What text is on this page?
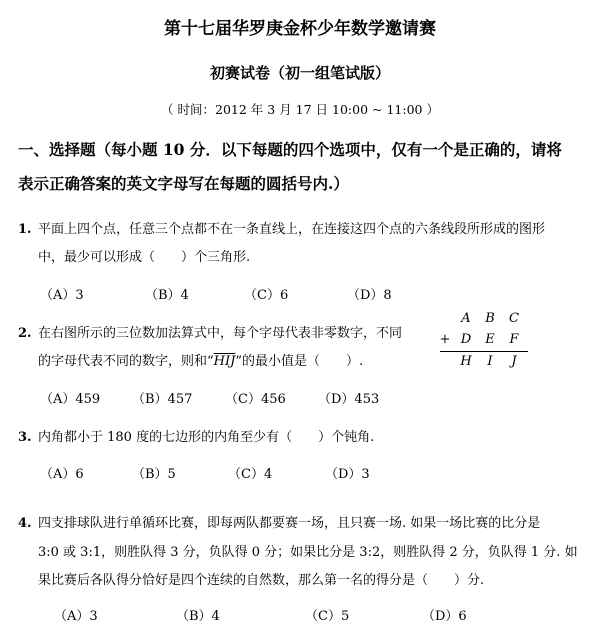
第十七届华罗庚金杯少年数学邀请赛
初赛试卷（初一组笔试版）
（ 时间：2012 年 3 月 17 日 10:00 ~ 11:00 ）
一、选择题（每小题 10 分．以下每题的四个选项中，仅有一个是正确的，请将
表示正确答案的英文字母写在每题的圆括号内.）
1. 平面上四个点，任意三个点都不在一条直线上，在连接这四个点的六条线段所形成的图形
中，最少可以形成（　　）个三角形.
（A）3	（B）4	（C）6	（D）8
2. 在右图所示的三位数加法算式中，每个字母代表非零数字，不同
的字母代表不同的数字，则和“$\overline{HIJ}$”的最小值是（　　）.
A B C
+ D E F
H I J
（A）459 （B）457	（C）456 （D）453
3. 内角都小于 180 度的七边形的内角至少有（　　）个钝角.
（A）6	（B）5	（C）4	（D）3
4. 四支排球队进行单循环比赛，即每两队都要赛一场，且只赛一场. 如果一场比赛的比分是
3:0 或 3:1，则胜队得 3 分，负队得 0 分；如果比分是 3:2，则胜队得 2 分，负队得 1 分. 如
果比赛后各队得分恰好是四个连续的自然数，那么第一名的得分是（　　）分.
（A）3	（B）4	（C）5	（D）6
